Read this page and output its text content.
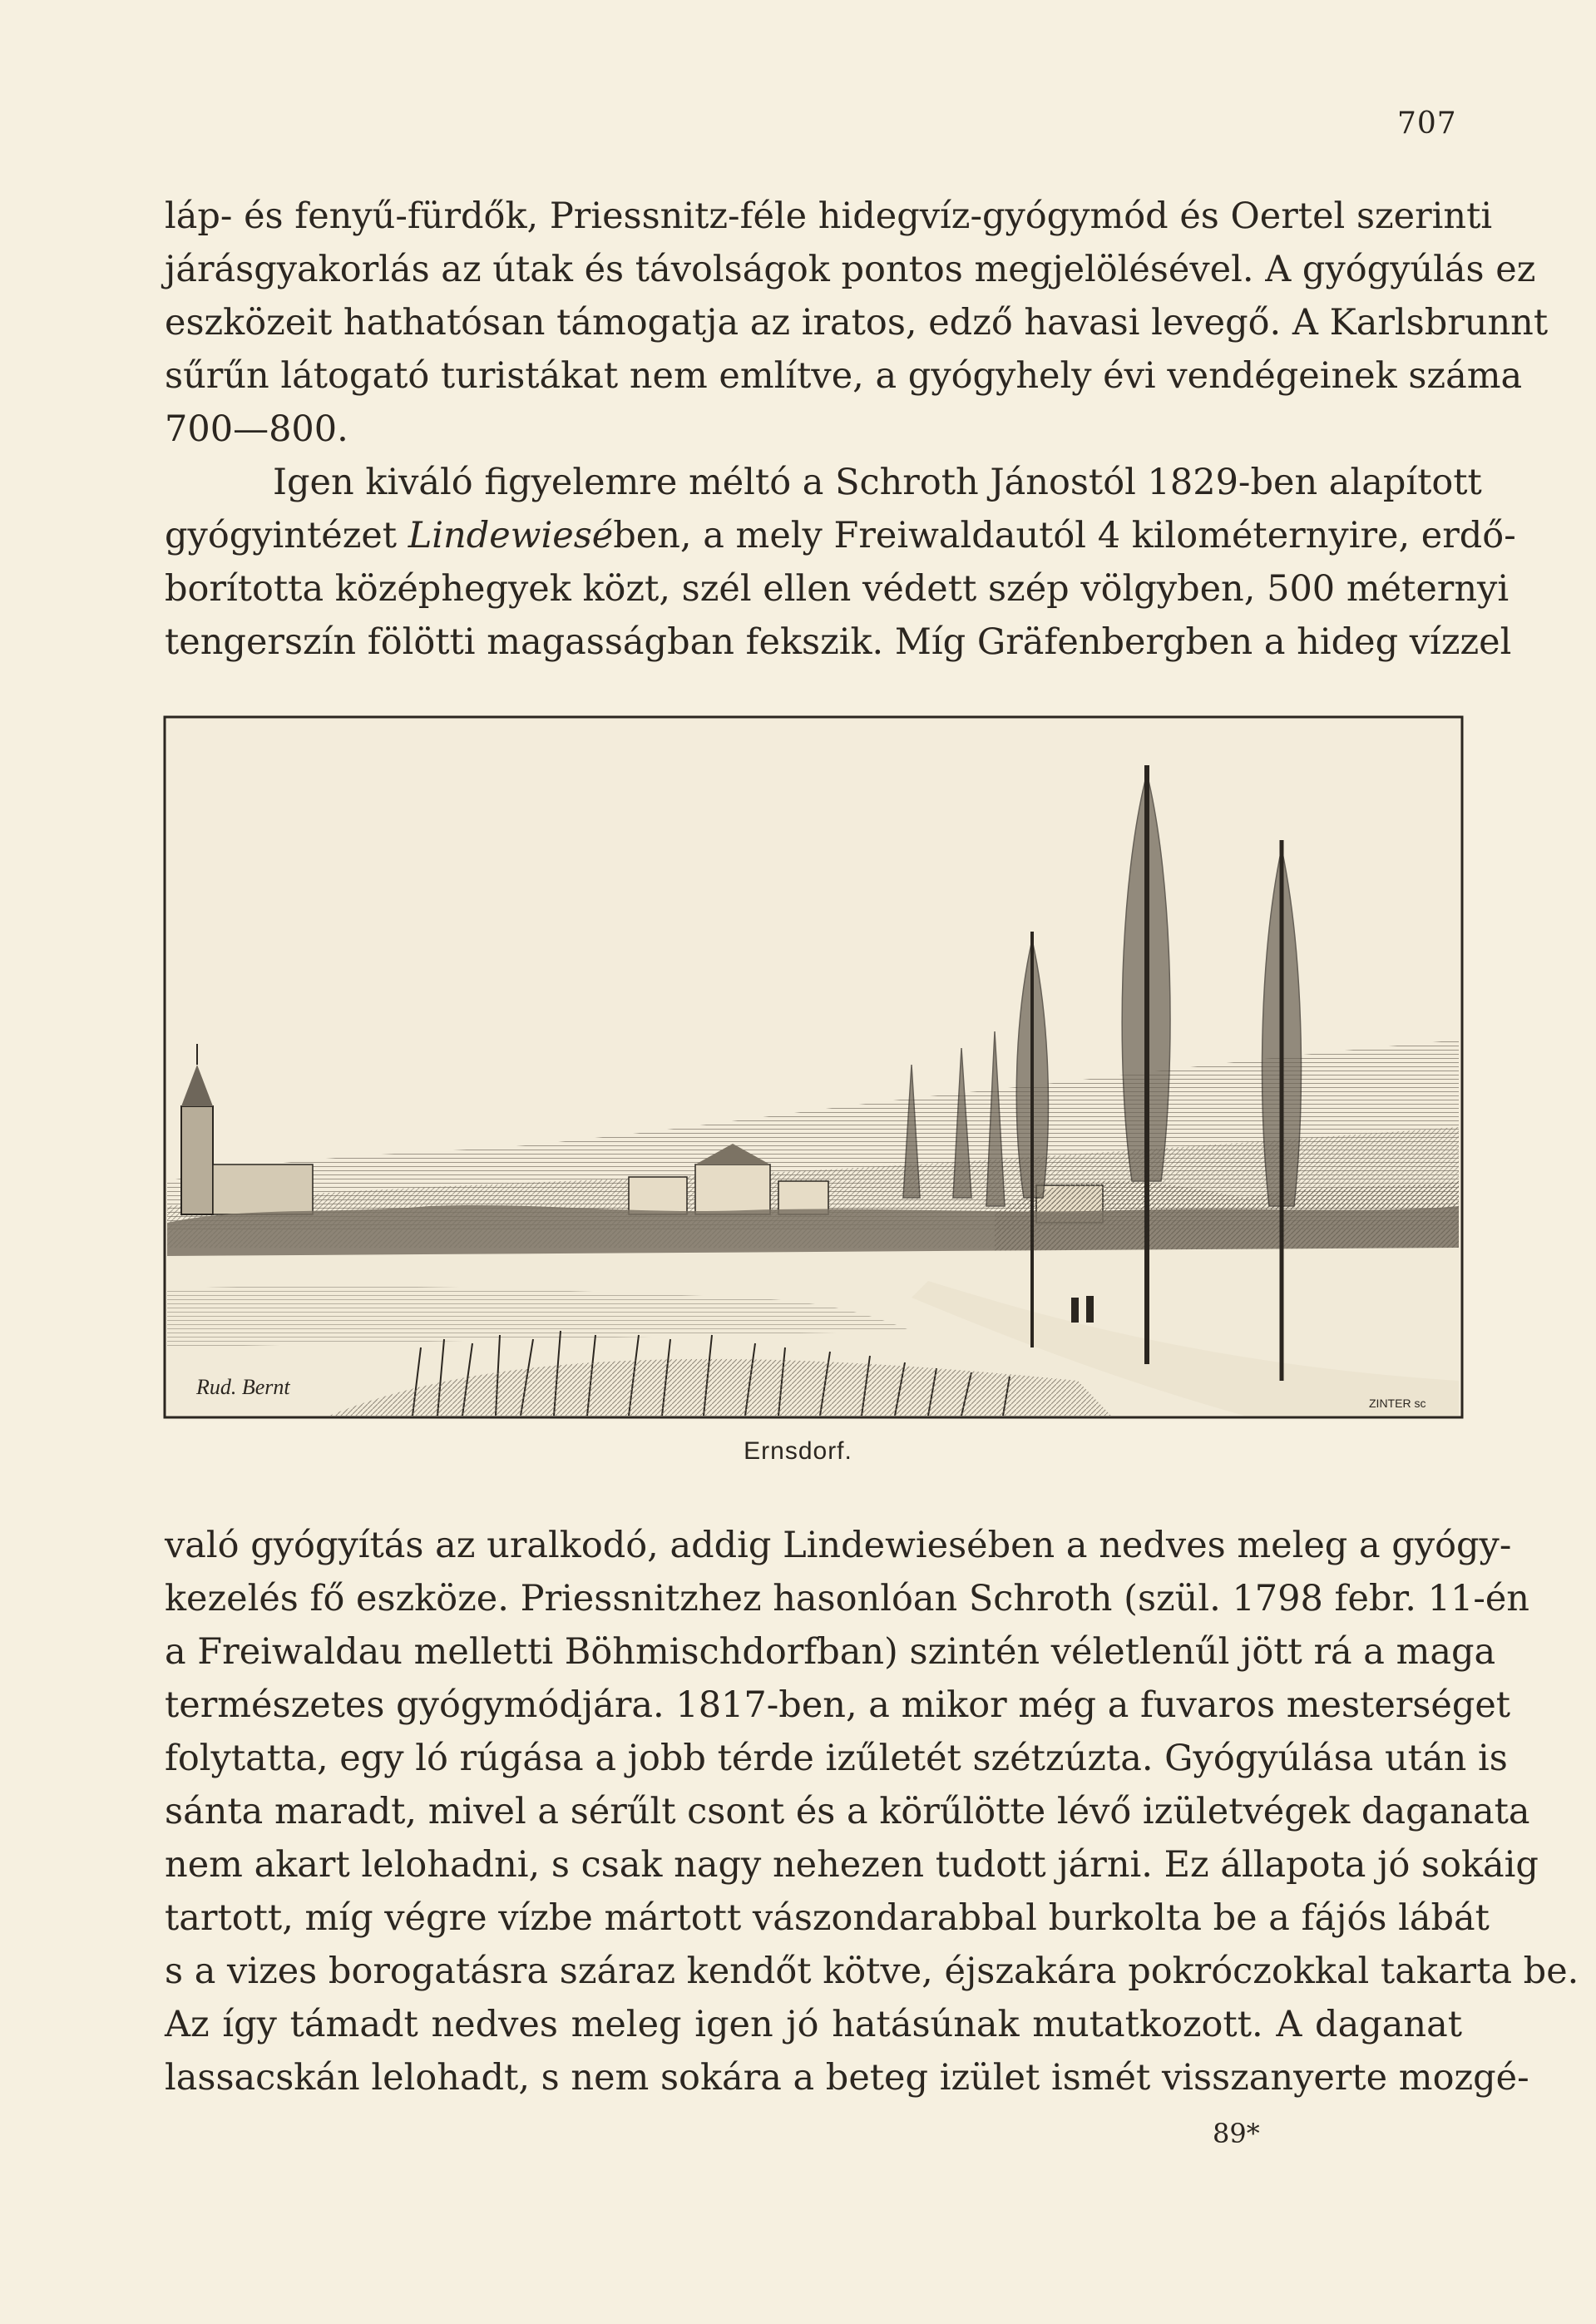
707
láp- és fenyű-fürdők, Priessnitz-féle hidegvíz-gyógymód és Oertel szerinti
járásgyakorlás az útak és távolságok pontos megjelölésével. A gyógyúlás ez
eszközeit hathatósan támogatja az iratos, edző havasi levegő. A Karlsbrunnt
sűrűn látogató turistákat nem említve, a gyógyhely évi vendégeinek száma
700—800.
Igen kiváló figyelemre méltó a Schroth Jánostól 1829-ben alapított
gyógyintézet Lindewiesében, a mely Freiwaldautól 4 kilométernyire, erdő-
borította középhegyek közt, szél ellen védett szép völgyben, 500 méternyi
tengerszín fölötti magasságban fekszik. Míg Gräfenbergben a hideg vízzel
Rud. Bernt
ZINTER sc
Ernsdorf.
való gyógyítás az uralkodó, addig Lindewiesében a nedves meleg a gyógy-
kezelés fő eszköze. Priessnitzhez hasonlóan Schroth (szül. 1798 febr. 11-én
a Freiwaldau melletti Böhmischdorfban) szintén véletlenűl jött rá a maga
természetes gyógymódjára. 1817-ben, a mikor még a fuvaros mesterséget
folytatta, egy ló rúgása a jobb térde izűletét szétzúzta. Gyógyúlása után is
sánta maradt, mivel a sérűlt csont és a körűlötte lévő izületvégek daganata
nem akart lelohadni, s csak nagy nehezen tudott járni. Ez állapota jó sokáig
tartott, míg végre vízbe mártott vászondarabbal burkolta be a fájós lábát
s a vizes borogatásra száraz kendőt kötve, éjszakára pokróczokkal takarta be.
Az így támadt nedves meleg igen jó hatásúnak mutatkozott. A daganat
lassacskán lelohadt, s nem sokára a beteg izület ismét visszanyerte mozgé-
89*
